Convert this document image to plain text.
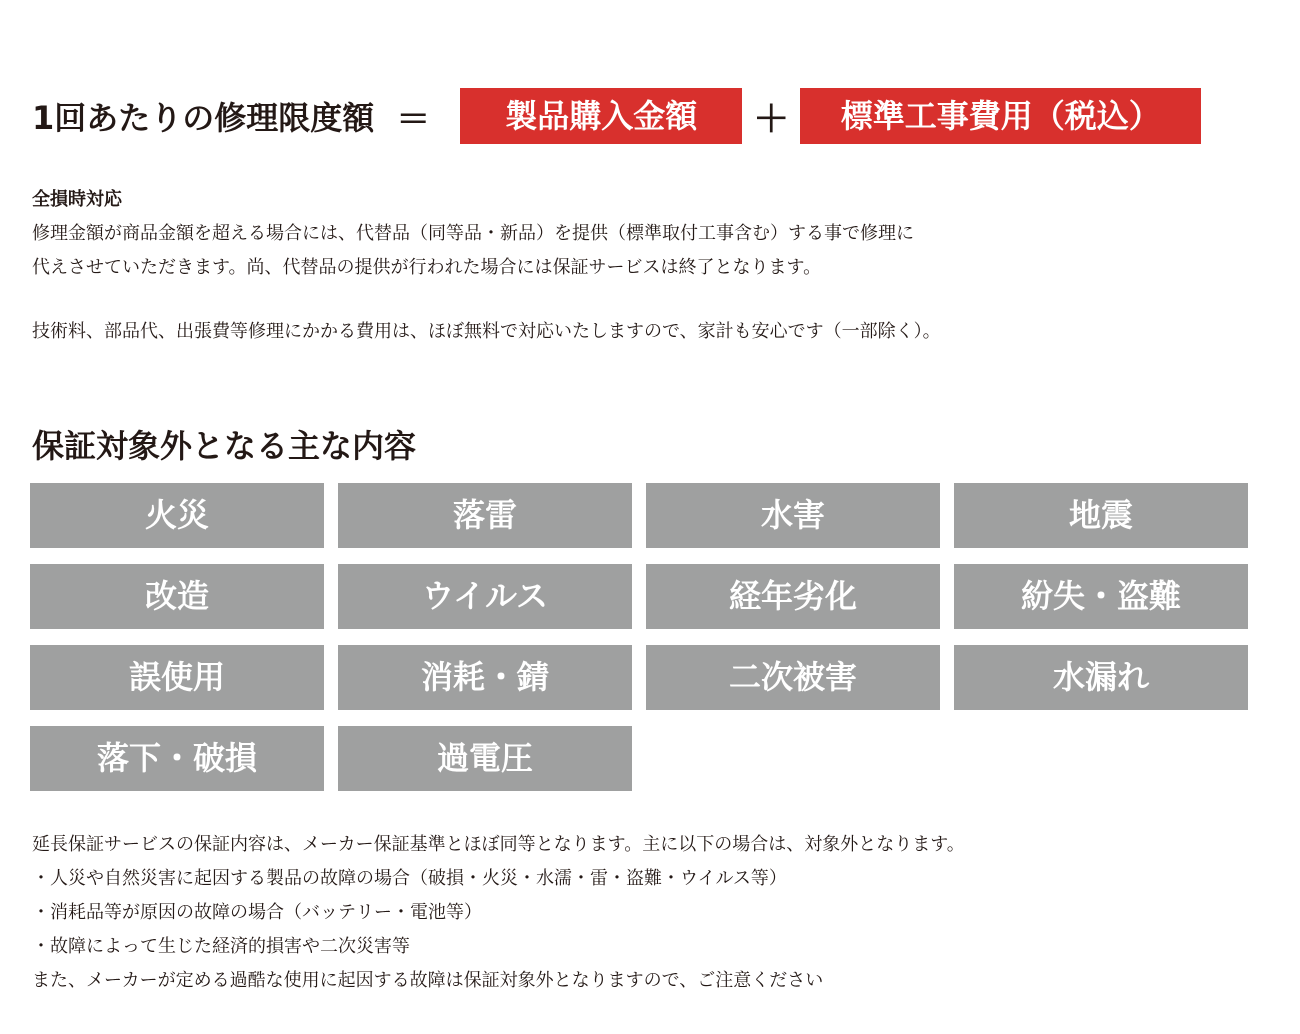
1回あたりの修理限度額 ＝	製品購入金額	＋	標準工事費用（税込）
全損時対応
修理金額が商品金額を超える場合には、代替品（同等品・新品）を提供（標準取付工事含む）する事で修理に
代えさせていただきます。尚、代替品の提供が行われた場合には保証サービスは終了となります。
技術料、部品代、出張費等修理にかかる費用は、ほぼ無料で対応いたしますので、家計も安心です（一部除く）。
保証対象外となる主な内容
火災	落雷	水害	地震
改造	ウイルス	経年劣化	紛失・盗難
誤使用	消耗・錆	二次被害	水漏れ
落下・破損	過電圧
延長保証サービスの保証内容は、メーカー保証基準とほぼ同等となります。主に以下の場合は、対象外となります。
・人災や自然災害に起因する製品の故障の場合（破損・火災・水濡・雷・盗難・ウイルス等）
・消耗品等が原因の故障の場合（バッテリー・電池等）
・故障によって生じた経済的損害や二次災害等
また、メーカーが定める過酷な使用に起因する故障は保証対象外となりますので、ご注意ください
